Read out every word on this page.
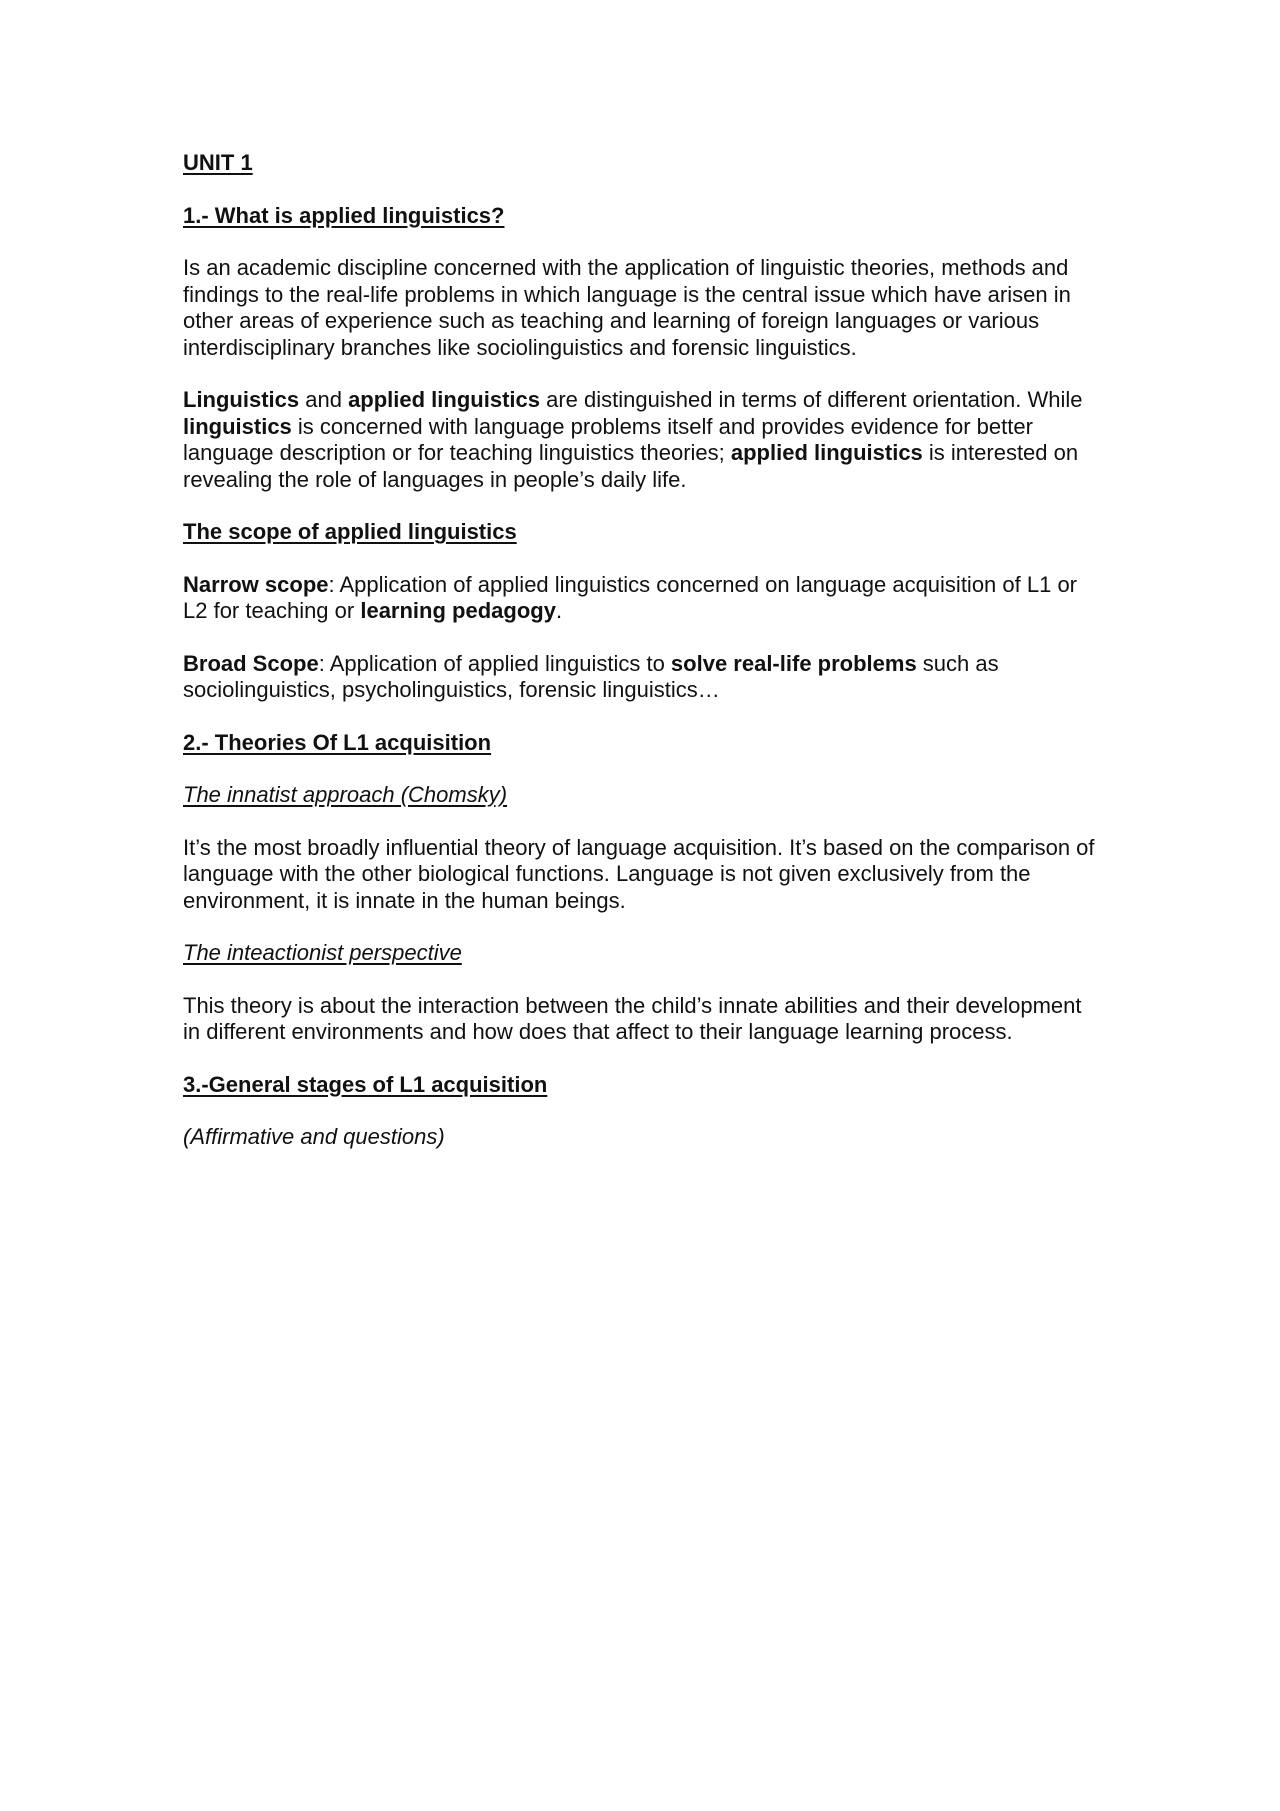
UNIT 1
1.- What is applied linguistics?

Is an academic discipline concerned with the application of linguistic theories, methods and findings to the real-life problems in which language is the central issue which have arisen in other areas of experience such as teaching and learning of foreign languages or various interdisciplinary branches like sociolinguistics and forensic linguistics.

Linguistics and applied linguistics are distinguished in terms of different orientation. While linguistics is concerned with language problems itself and provides evidence for better language description or for teaching linguistics theories; applied linguistics is interested on revealing the role of languages in people’s daily life.

The scope of applied linguistics

Narrow scope: Application of applied linguistics concerned on language acquisition of L1 or L2 for teaching or learning pedagogy.

Broad Scope: Application of applied linguistics to solve real-life problems such as sociolinguistics, psycholinguistics, forensic linguistics…

2.- Theories Of L1 acquisition
The innatist approach (Chomsky)

It’s the most broadly influential theory of language acquisition. It’s based on the comparison of language with the other biological functions. Language is not given exclusively from the environment, it is innate in the human beings.

The inteactionist perspective

This theory is about the interaction between the child’s innate abilities and their development in different environments and how does that affect to their language learning process.

3.-General stages of L1 acquisition

(Affirmative and questions)
